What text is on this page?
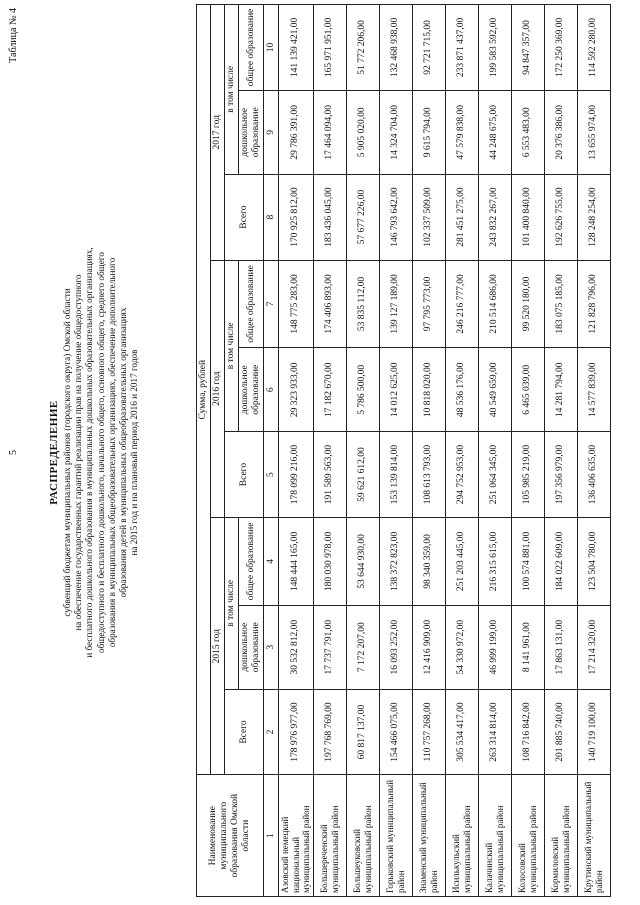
5
Таблица № 4
РАСПРЕДЕЛЕНИЕ субвенций бюджетам муниципальных районов (городского округа) Омской области на обеспечение государственных гарантий реализации прав на получение общедоступного и бесплатного дошкольного образования в муниципальных дошкольных образовательных организациях, общедоступного и бесплатного дошкольного, начального общего, основного общего, среднего общего образования в муниципальных общеобразовательных организациях, обеспечение дополнительного образования детей в муниципальных общеобразовательных организациях на 2015 год и на плановый период 2016 и 2017 годов
Наименование муниципального образования Омской области	Сумма, рублей								
	2015 год			2016 год			2017 год		
	Всего	в том числе		Всего	в том числе		Всего	в том числе	
		дошкольное образование	общее образование		дошкольное образование	общее образование		дошкольное образование	общее образование
1	2	3	4	5	6	7	8	9	10
Азовский немецкий национальный муниципальный район	178 976 977,00	30 532 812,00	148 444 165,00	178 099 216,00	29 323 933,00	148 775 283,00	170 925 812,00	29 786 391,00	141 139 421,00
Большереченский муниципальный район	197 768 769,00	17 737 791,00	180 030 978,00	191 589 563,00	17 182 670,00	174 406 893,00	183 436 045,00	17 464 094,00	165 971 951,00
Большеуковский муниципальный район	60 817 137,00	7 172 207,00	53 644 930,00	59 621 612,00	5 786 500,00	53 835 112,00	57 677 226,00	5 905 020,00	51 772 206,00
Горьковский муниципальный район	154 466 075,00	16 093 252,00	138 372 823,00	153 139 814,00	14 012 625,00	139 127 189,00	146 793 642,00	14 324 704,00	132 468 938,00
Знаменский муниципальный район	110 757 268,00	12 416 909,00	98 340 359,00	108 613 793,00	10 818 020,00	97 795 773,00	102 337 509,00	9 615 794,00	92 721 715,00
Исилькульский муниципальный район	305 534 417,00	54 330 972,00	251 203 445,00	294 752 953,00	48 536 176,00	246 216 777,00	281 451 275,00	47 579 838,00	233 871 437,00
Калачинский муниципальный район	263 314 814,00	46 999 199,00	216 315 615,00	251 064 345,00	40 549 659,00	210 514 686,00	243 832 267,00	44 248 675,00	199 583 592,00
Колосовский муниципальный район	108 716 842,00	8 141 961,00	100 574 881,00	105 985 219,00	6 465 039,00	99 520 180,00	101 400 840,00	6 553 483,00	94 847 357,00
Кормиловский муниципальный район	201 885 740,00	17 863 131,00	184 022 609,00	197 356 979,00	14 281 794,00	183 075 185,00	192 626 755,00	20 376 386,00	172 250 369,00
Крутинский муниципальный район	140 719 100,00	17 214 320,00	123 504 780,00	136 406 635,00	14 577 839,00	121 828 796,00	128 248 254,00	13 655 974,00	114 592 280,00
